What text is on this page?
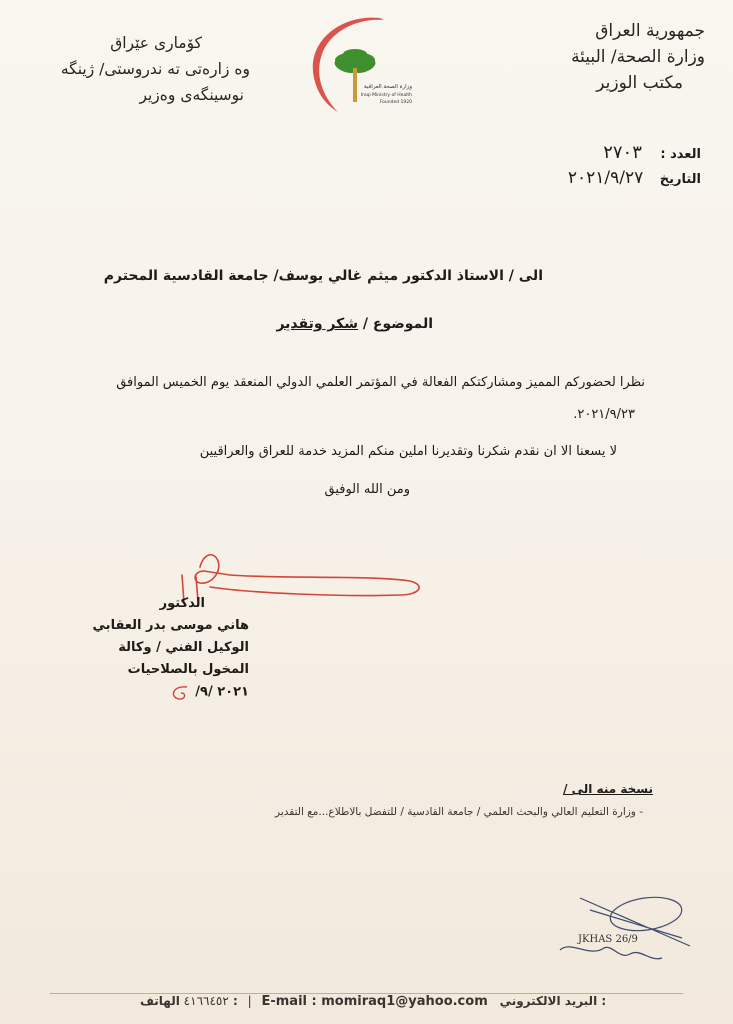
جمهورية العراق
وزارة الصحة/ البيئة
مكتب الوزير
كۆماری عێراق
وه زارەتی ته ندروستی/ ژینگه
نوسینگەی وەزیر	وزارة الصحة العراقية
Iraqi Ministry of Health
Founded 1920
العدد : ٢٧٠٣
التاريخ ٢٠٢١/٩/٢٧
الى / الاستاذ الدكتور ميثم غالي يوسف/ جامعة القادسية المحترم
الموضوع / شكر وتقدير
نظرا لحضوركم المميز ومشاركتكم الفعالة في المؤتمر العلمي الدولي المنعقد يوم الخميس الموافق
٢٠٢١/٩/٢٣.
لا يسعنا الا ان نقدم شكرنا وتقديرنا املين منكم المزيد خدمة للعراق والعراقيين
ومن الله الوفيق
الدكتور
هاني موسى بدر العقابي
الوكيل الفني / وكالة
المخول بالصلاحيات
٢٠٢١ /٩/
نسخة منه الى /
- وزارة التعليم العالي والبحث العلمي / جامعة القادسية / للتفضل بالاطلاع...مع التقدير
JKHAS 26/9
٤١٦٦٤٥٢ الهاتف : | E-mail : momiraq1@yahoo.com البريد الالكتروني :
